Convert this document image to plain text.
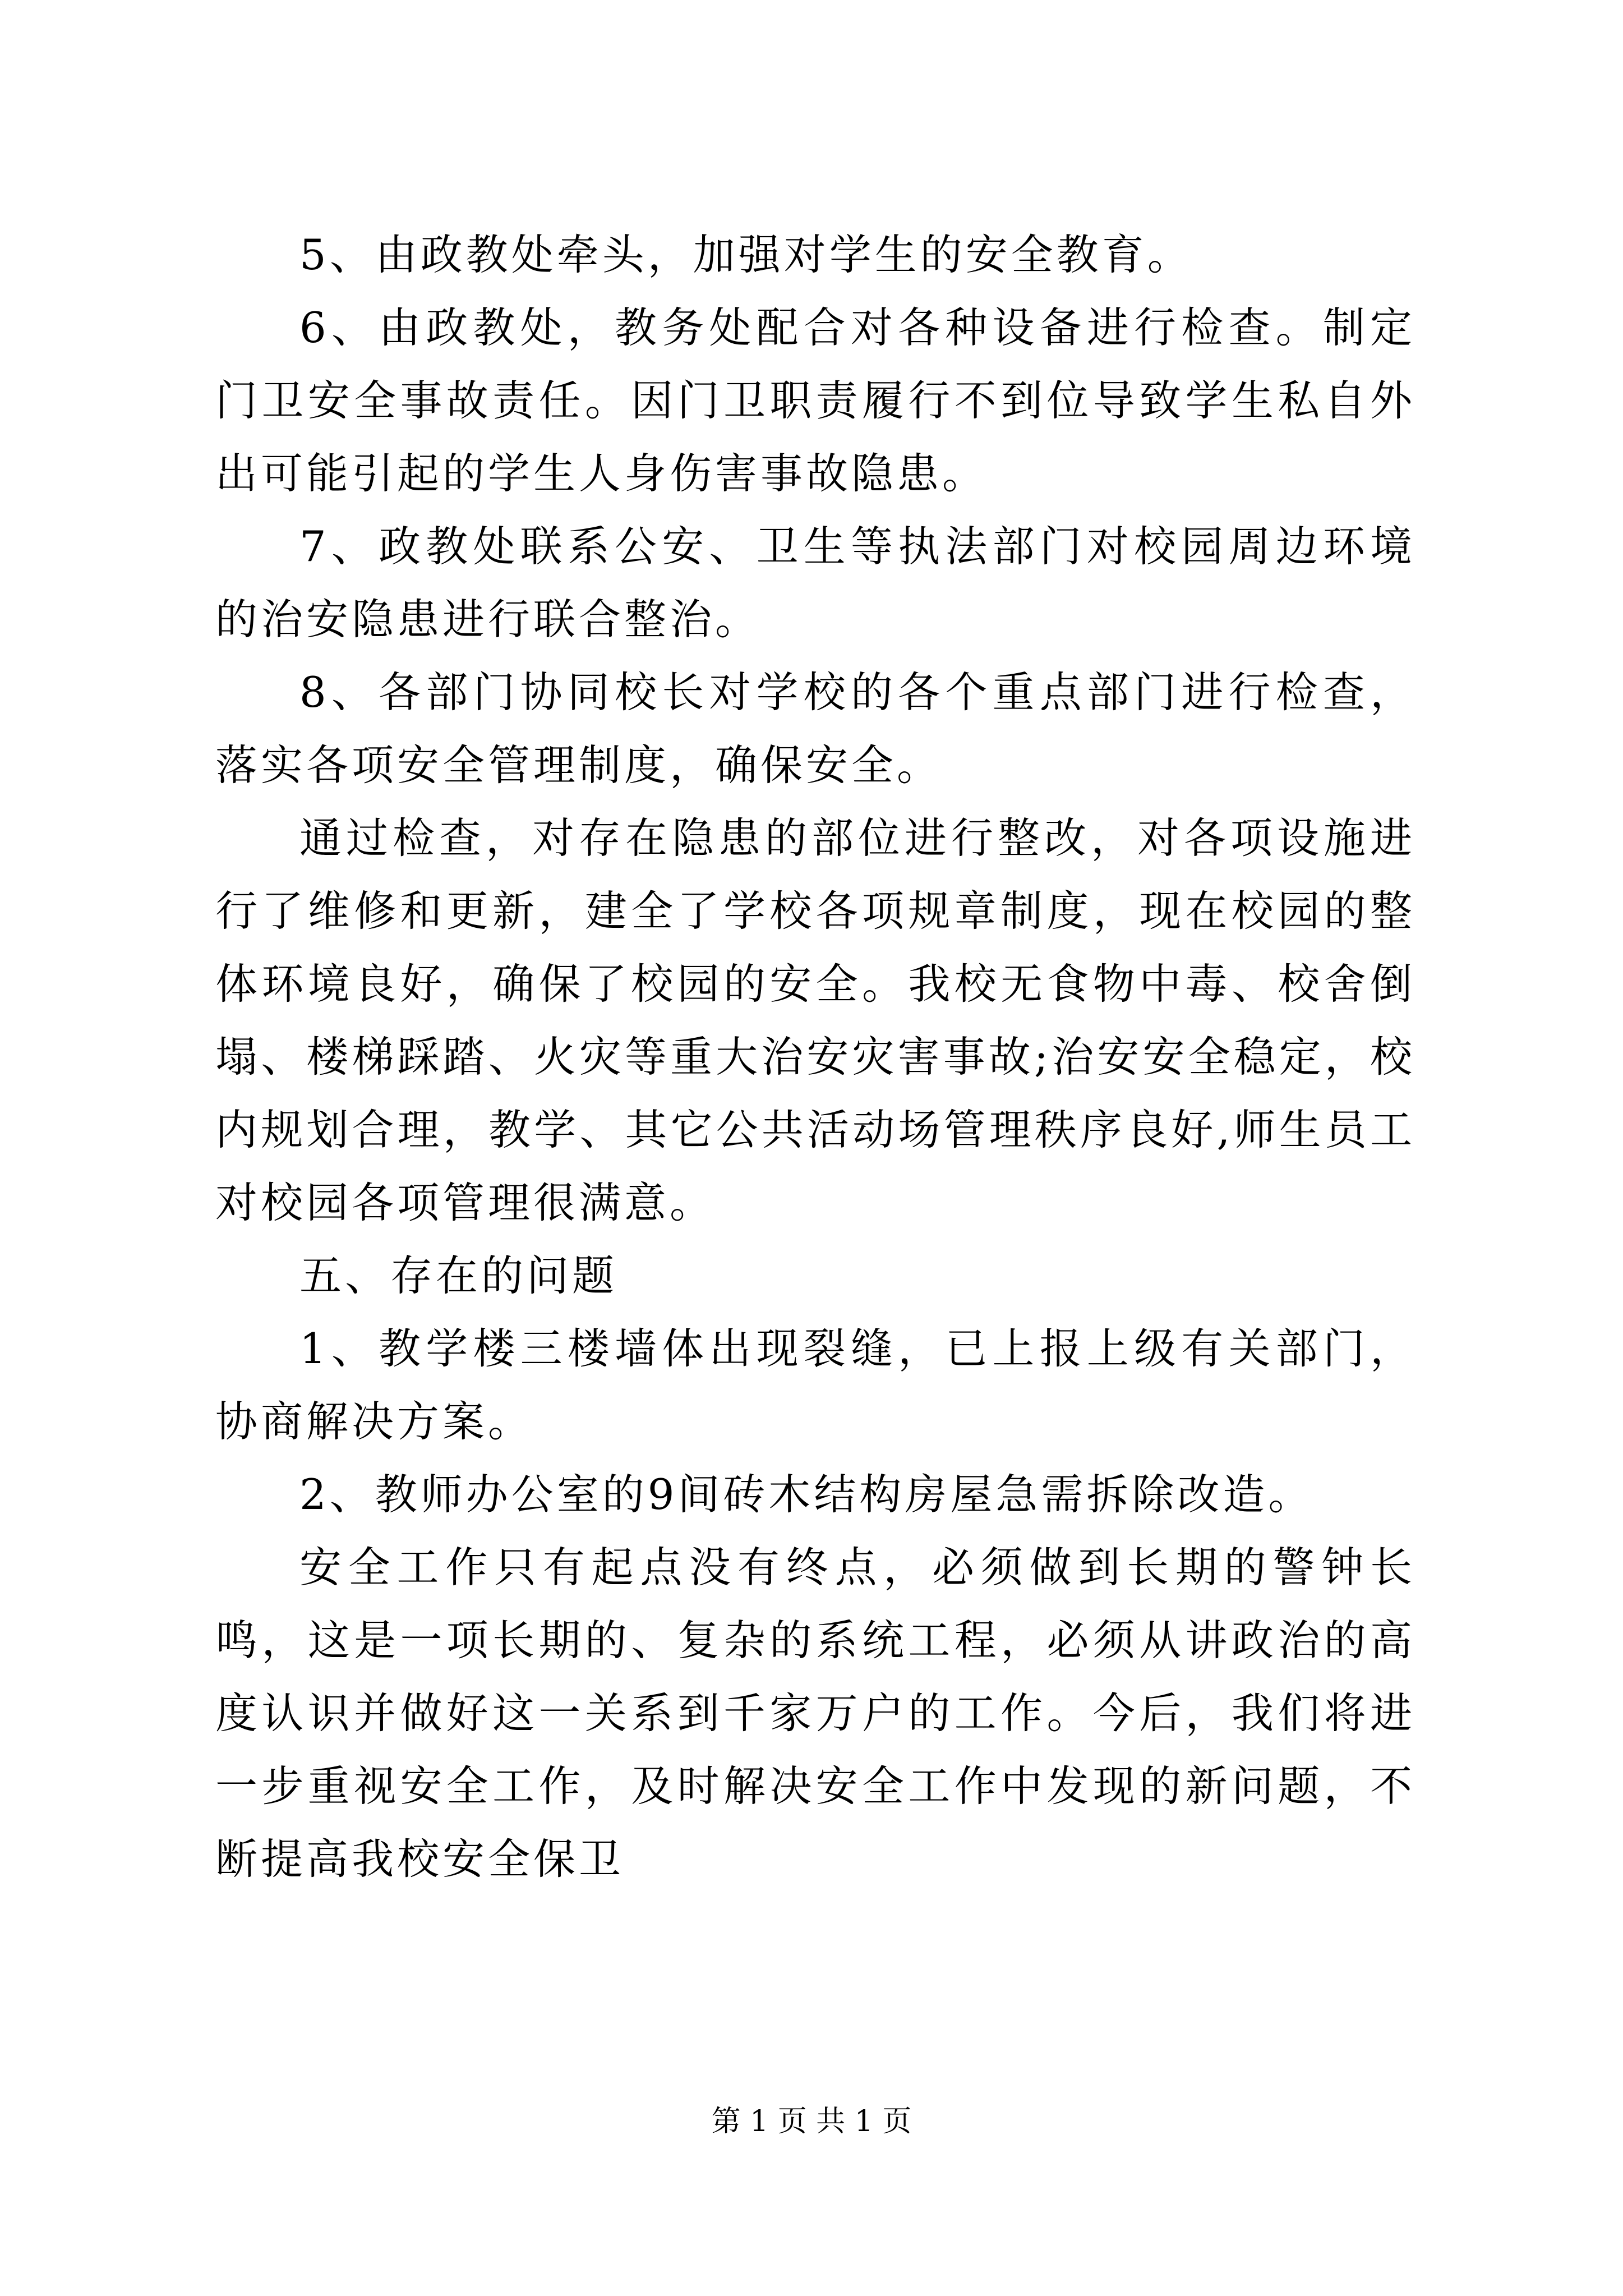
5、由政教处牵头，加强对学生的安全教育。

6、由政教处，教务处配合对各种设备进行检查。制定门卫安全事故责任。因门卫职责履行不到位导致学生私自外出可能引起的学生人身伤害事故隐患。

7、政教处联系公安、卫生等执法部门对校园周边环境的治安隐患进行联合整治。

8、各部门协同校长对学校的各个重点部门进行检查，落实各项安全管理制度，确保安全。

通过检查，对存在隐患的部位进行整改，对各项设施进行了维修和更新，建全了学校各项规章制度，现在校园的整体环境良好，确保了校园的安全。我校无食物中毒、校舍倒塌、楼梯踩踏、火灾等重大治安灾害事故;治安安全稳定，校内规划合理，教学、其它公共活动场管理秩序良好,师生员工对校园各项管理很满意。

五、存在的问题

1、教学楼三楼墙体出现裂缝，已上报上级有关部门，协商解决方案。

2、教师办公室的9间砖木结构房屋急需拆除改造。

安全工作只有起点没有终点，必须做到长期的警钟长鸣，这是一项长期的、复杂的系统工程，必须从讲政治的高度认识并做好这一关系到千家万户的工作。今后，我们将进一步重视安全工作，及时解决安全工作中发现的新问题，不断提高我校安全保卫

第 1 页 共 1 页
